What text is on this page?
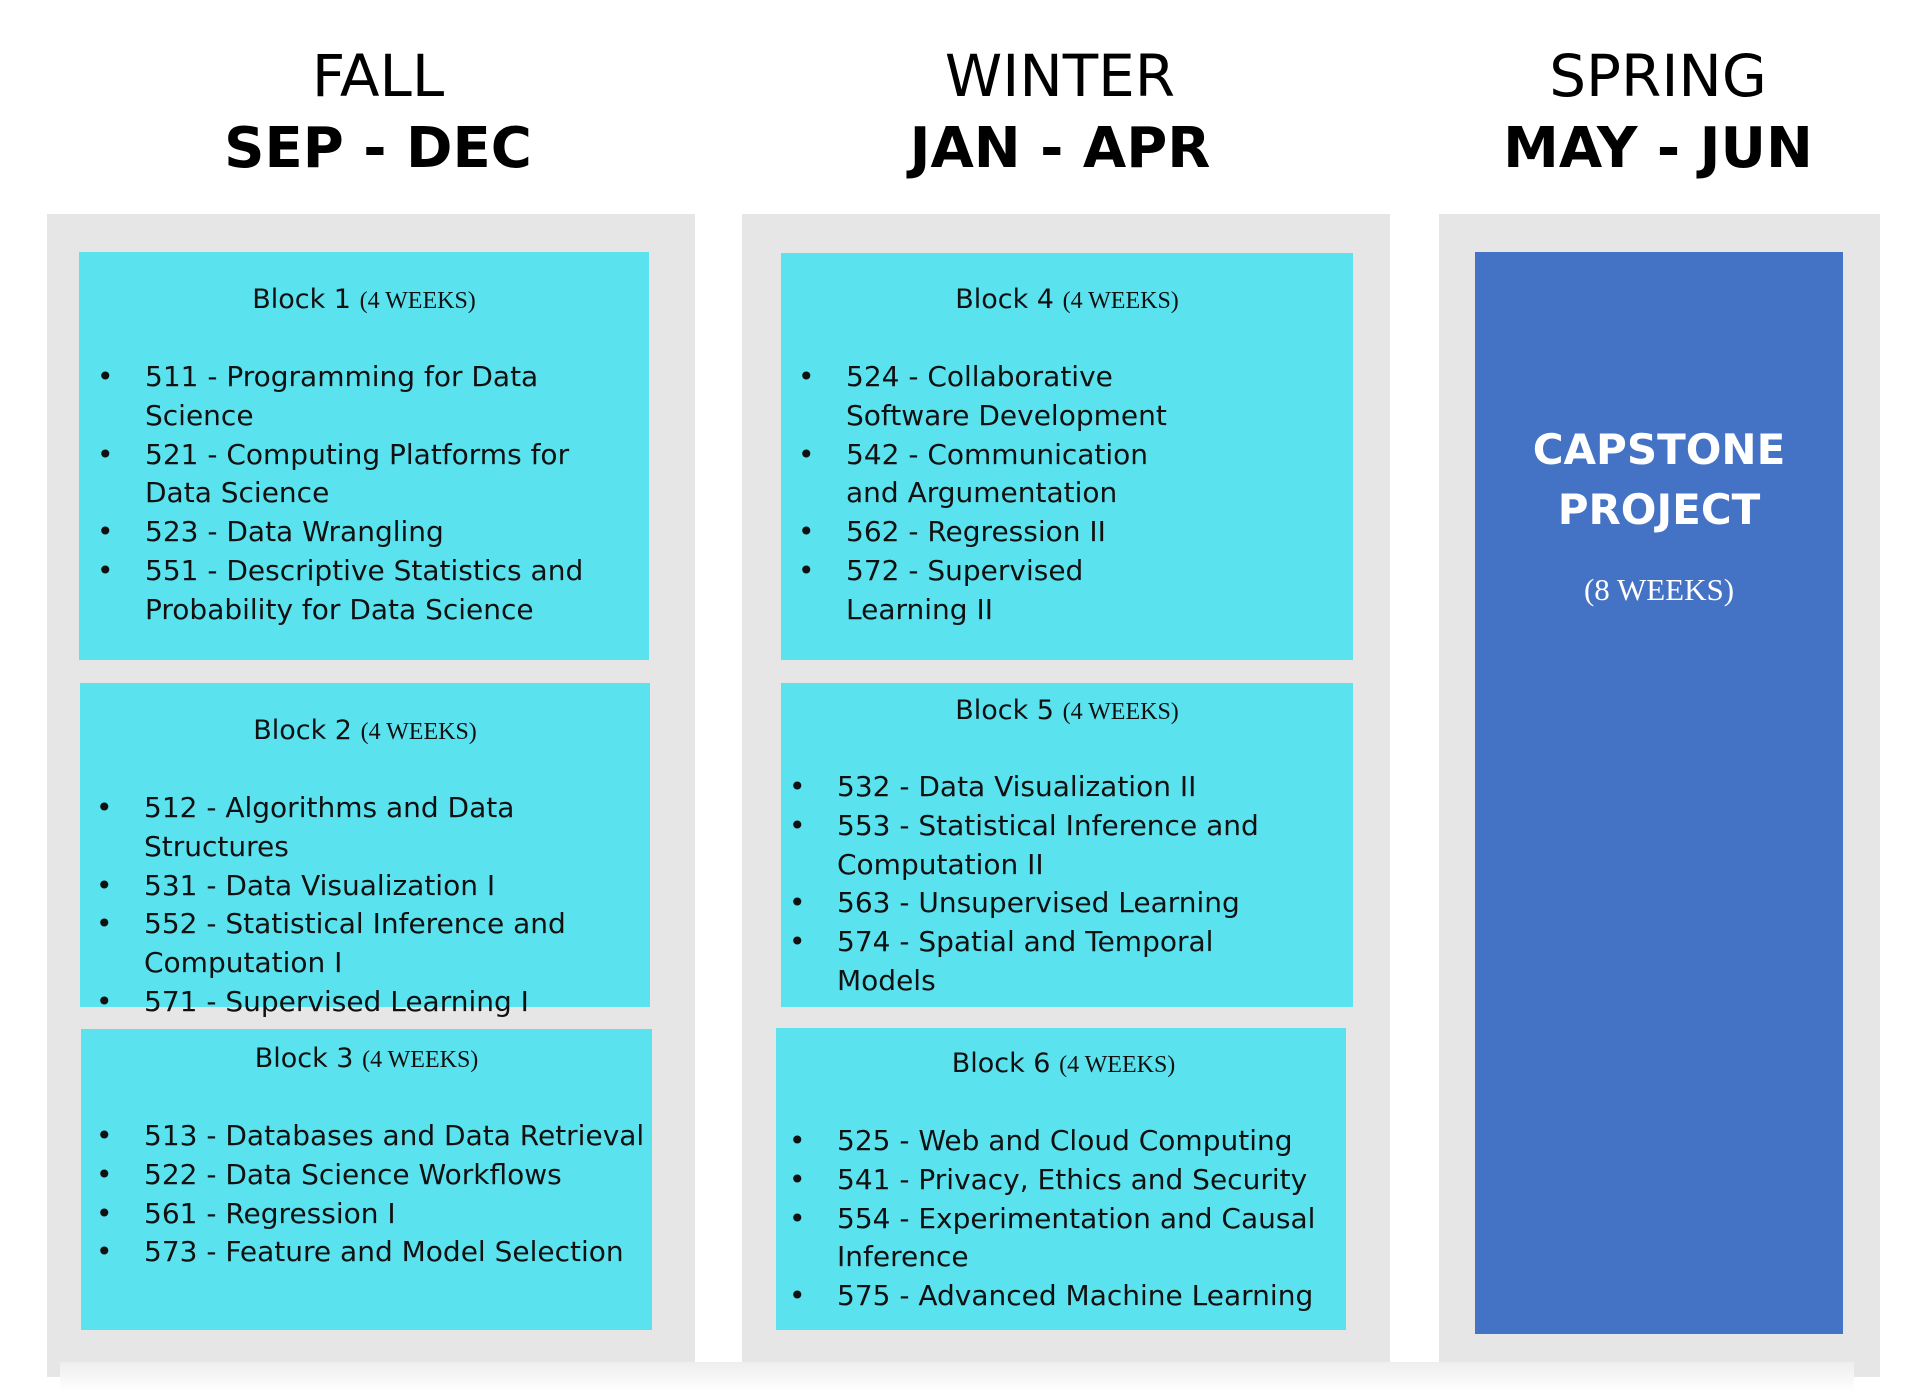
FALL
SEP - DEC
WINTER
JAN - APR
SPRING
MAY - JUN
Block 1 (4 WEEKS)
• 511 - Programming for Data Science
• 521 - Computing Platforms for Data Science
• 523 - Data Wrangling
• 551 - Descriptive Statistics and Probability for Data Science
Block 2 (4 WEEKS)
• 512 - Algorithms and Data Structures
• 531 - Data Visualization I
• 552 - Statistical Inference and Computation I
• 571 - Supervised Learning I
Block 3 (4 WEEKS)
• 513 - Databases and Data Retrieval
• 522 - Data Science Workflows
• 561 - Regression I
• 573 - Feature and Model Selection
Block 4 (4 WEEKS)
• 524 - Collaborative Software Development
• 542 - Communication and Argumentation
• 562 - Regression II
• 572 - Supervised Learning II
Block 5 (4 WEEKS)
• 532 - Data Visualization II
• 553 - Statistical Inference and Computation II
• 563 - Unsupervised Learning
• 574 - Spatial and Temporal Models
Block 6 (4 WEEKS)
• 525 - Web and Cloud Computing
• 541 - Privacy, Ethics and Security
• 554 - Experimentation and Causal Inference
• 575 - Advanced Machine Learning
CAPSTONE
PROJECT
(8 WEEKS)
